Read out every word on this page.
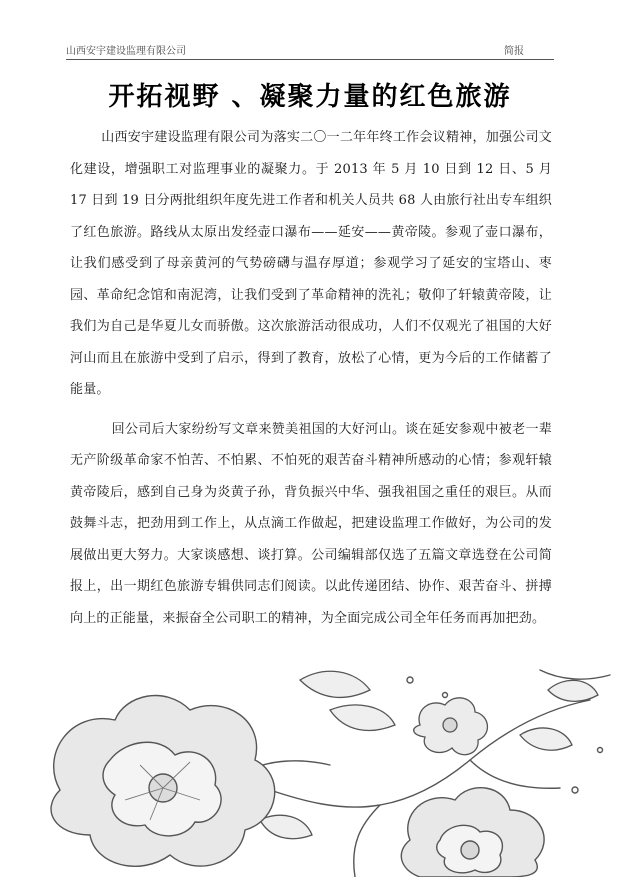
山西安宇建设监理有限公司	简报
开拓视野 、凝聚力量的红色旅游

山西安宇建设监理有限公司为落实二〇一二年年终工作会议精神，加强公司文化建设，增强职工对监理事业的凝聚力。于 2013 年 5 月 10 日到 12 日、5 月 17 日到 19 日分两批组织年度先进工作者和机关人员共 68 人由旅行社出专车组织了红色旅游。路线从太原出发经壶口瀑布——延安——黄帝陵。参观了壶口瀑布，让我们感受到了母亲黄河的气势磅礴与温存厚道；参观学习了延安的宝塔山、枣园、革命纪念馆和南泥湾，让我们受到了革命精神的洗礼；敬仰了轩辕黄帝陵，让我们为自己是华夏儿女而骄傲。这次旅游活动很成功，人们不仅观光了祖国的大好河山而且在旅游中受到了启示，得到了教育，放松了心情，更为今后的工作储蓄了能量。

回公司后大家纷纷写文章来赞美祖国的大好河山。谈在延安参观中被老一辈无产阶级革命家不怕苦、不怕累、不怕死的艰苦奋斗精神所感动的心情；参观轩辕黄帝陵后，感到自己身为炎黄子孙，背负振兴中华、强我祖国之重任的艰巨。从而鼓舞斗志，把劲用到工作上，从点滴工作做起，把建设监理工作做好，为公司的发展做出更大努力。大家谈感想、谈打算。公司编辑部仅选了五篇文章选登在公司简报上，出一期红色旅游专辑供同志们阅读。以此传递团结、协作、艰苦奋斗、拼搏向上的正能量，来振奋全公司职工的精神，为全面完成公司全年任务而再加把劲。
